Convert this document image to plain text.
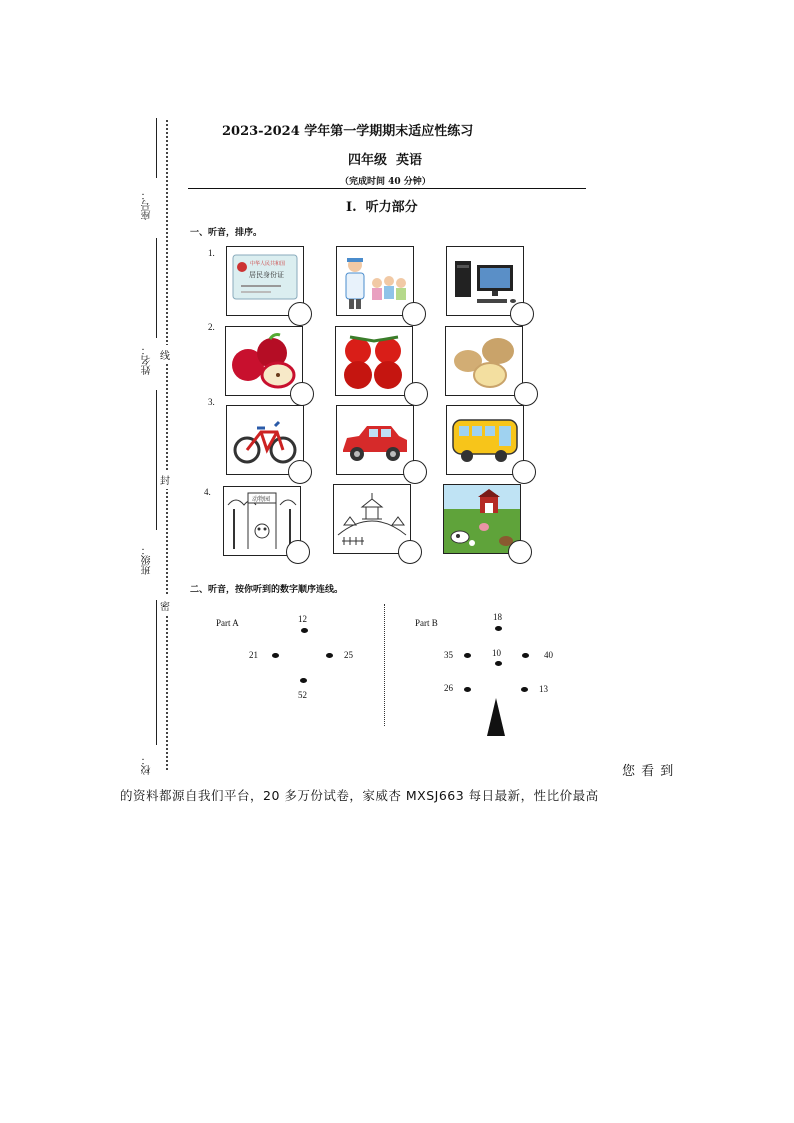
座号：
姓名：
班级：
校：
线
封
密
2023-2024 学年第一学期期末适应性练习
四年级  英语
（完成时间 40 分钟）
I.  听力部分
一、听音，排序。
1.
2.
3.
4.
中华人民共和国
居民身份证
动物园
二、听音，按你听到的数字顺序连线。
Part A	12
21	25
52
Part B
18
35	10	40
26	13
您 看 到
的资料都源自我们平台，20 多万份试卷，家威杏 MXSJ663 每日最新，性比价最高
